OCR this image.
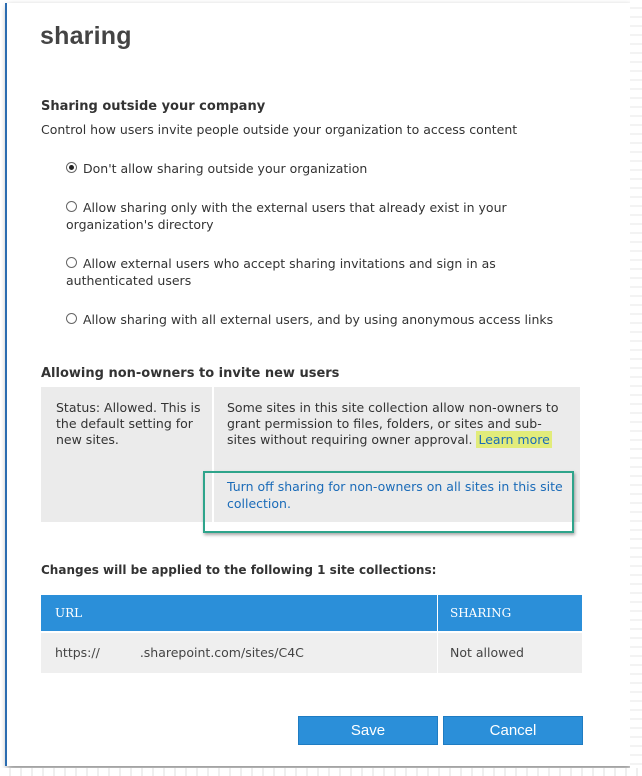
sharing
Sharing outside your company
Control how users invite people outside your organization to access content
Don't allow sharing outside your organization
Allow sharing only with the external users that already exist in your organization's directory
Allow external users who accept sharing invitations and sign in as authenticated users
Allow sharing with all external users, and by using anonymous access links
Allowing non-owners to invite new users
Status: Allowed. This is the default setting for new sites.
Some sites in this site collection allow non-owners to grant permission to files, folders, or sites and sub-sites without requiring owner approval. Learn more
Turn off sharing for non-owners on all sites in this site collection.
Changes will be applied to the following 1 site collections:
URL	SHARING
https://	.sharepoint.com/sites/C4C	Not allowed
Save	Cancel
